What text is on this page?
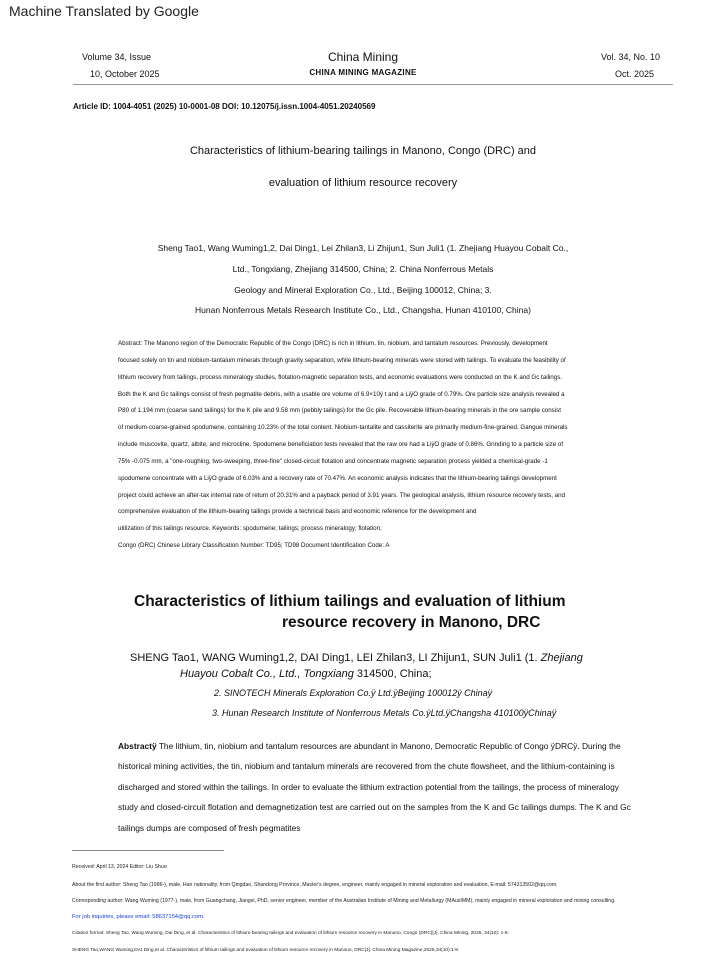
Machine Translated by Google
Volume 34, Issue
10, October 2025
China Mining
CHINA MINING MAGAZINE
Vol. 34, No. 10
Oct. 2025
Article ID: 1004-4051 (2025) 10-0001-08 DOI: 10.12075/j.issn.1004-4051.20240569
Characteristics of lithium-bearing tailings in Manono, Congo (DRC) and
evaluation of lithium resource recovery
Sheng Tao1, Wang Wuming1,2, Dai Ding1, Lei Zhilan3, Li Zhijun1, Sun Juli1 (1. Zhejiang Huayou Cobalt Co.,
Ltd., Tongxiang, Zhejiang 314500, China; 2. China Nonferrous Metals
Geology and Mineral Exploration Co., Ltd., Beijing 100012, China; 3.
Hunan Nonferrous Metals Research Institute Co., Ltd., Changsha, Hunan 410100, China)
Abstract: The Manono region of the Democratic Republic of the Congo (DRC) is rich in lithium, tin, niobium, and tantalum resources. Previously, development
focused solely on tin and niobium-tantalum minerals through gravity separation, while lithium-bearing minerals were stored with tailings. To evaluate the feasibility of
lithium recovery from tailings, process mineralogy studies, flotation-magnetic separation tests, and economic evaluations were conducted on the K and Gc tailings.
Both the K and Gc tailings consist of fresh pegmatite debris, with a usable ore volume of 6.9×10ÿ t and a LiÿO grade of 0.79%. Ore particle size analysis revealed a
P80 of 1.194 mm (coarse sand tailings) for the K pile and 9.58 mm (pebbly tailings) for the Gc pile. Recoverable lithium-bearing minerals in the ore sample consist
of medium-coarse-grained spodumene, containing 10.23% of the total content. Niobium-tantalite and cassiterite are primarily medium-fine-grained. Gangue minerals
include muscovite, quartz, albite, and microcline. Spodumene beneficiation tests revealed that the raw ore had a LiÿO grade of 0.86%. Grinding to a particle size of
75% -0.075 mm, a "one-roughing, two-sweeping, three-fine" closed-circuit flotation and concentrate magnetic separation process yielded a chemical-grade -1
spodumene concentrate with a LiÿO grade of 6.03% and a recovery rate of 70.47%. An economic analysis indicates that the lithium-bearing tailings development
project could achieve an after-tax internal rate of return of 20.31% and a payback period of 3.91 years. The geological analysis, lithium resource recovery tests, and
comprehensive evaluation of the lithium-bearing tailings provide a technical basis and economic reference for the development and
utilization of this tailings resource. Keywords: spodumene; tailings; process mineralogy; flotation;
Congo (DRC) Chinese Library Classification Number: TD95; TD98 Document Identification Code: A
Characteristics of lithium tailings and evaluation of lithium
resource recovery in Manono, DRC
SHENG Tao1, WANG Wuming1,2, DAI Ding1, LEI Zhilan3, LI Zhijun1, SUN Juli1 (1. Zhejiang
Huayou Cobalt Co., Ltd., Tongxiang 314500, China;
2. SINOTECH Minerals Exploration Co.ÿ Ltd.ÿBeijing 100012ÿ Chinaÿ
3. Hunan Research Institute of Nonferrous Metals Co.ÿLtd.ÿChangsha 410100ÿChinaÿ
Abstractÿ The lithium, tin, niobium and tantalum resources are abundant in Manono, Democratic Republic of Congo ÿDRCÿ. During the historical mining activities, the tin, niobium and tantalum minerals are recovered from the chute flowsheet, and the lithium-containing is discharged and stored within the tailings. In order to evaluate the lithium extraction potential from the tailings, the process of mineralogy study and closed-circuit flotation and demagnetization test are carried out on the samples from the K and Gc tailings dumps. The K and Gc tailings dumps are composed of fresh pegmatites
Received: April 13, 2024 Editor: Liu Shuo
About the first author: Sheng Tao (1986-), male, Han nationality, from Qingdao, Shandong Province, Master's degree, engineer, mainly engaged in mineral exploration and evaluation, E-mail: 574313502@qq.com.
Corresponding author: Wang Wuming (1977-), male, from Guangchang, Jiangxi, PhD, senior engineer, member of the Australian Institute of Mining and Metallurgy (MAusIMM), mainly engaged in mineral exploration and mining consulting.
For job inquiries, please email: 58637154@qq.com.
Citation format: Sheng Tao, Wang Wuming, Dai Ding, et al. Characteristics of lithium-bearing tailings and evaluation of lithium resource recovery in Manono, Congo (DRC)[J]. China Mining, 2025, 34(10): 1-8.
SHENG Tao,WANG Wuming,DAI Ding,et al. Characteristics of lithium tailings and evaluation of lithium resource recovery in Manono, DRC[J]. China Mining Magazine,2025,34(10):1-8.
